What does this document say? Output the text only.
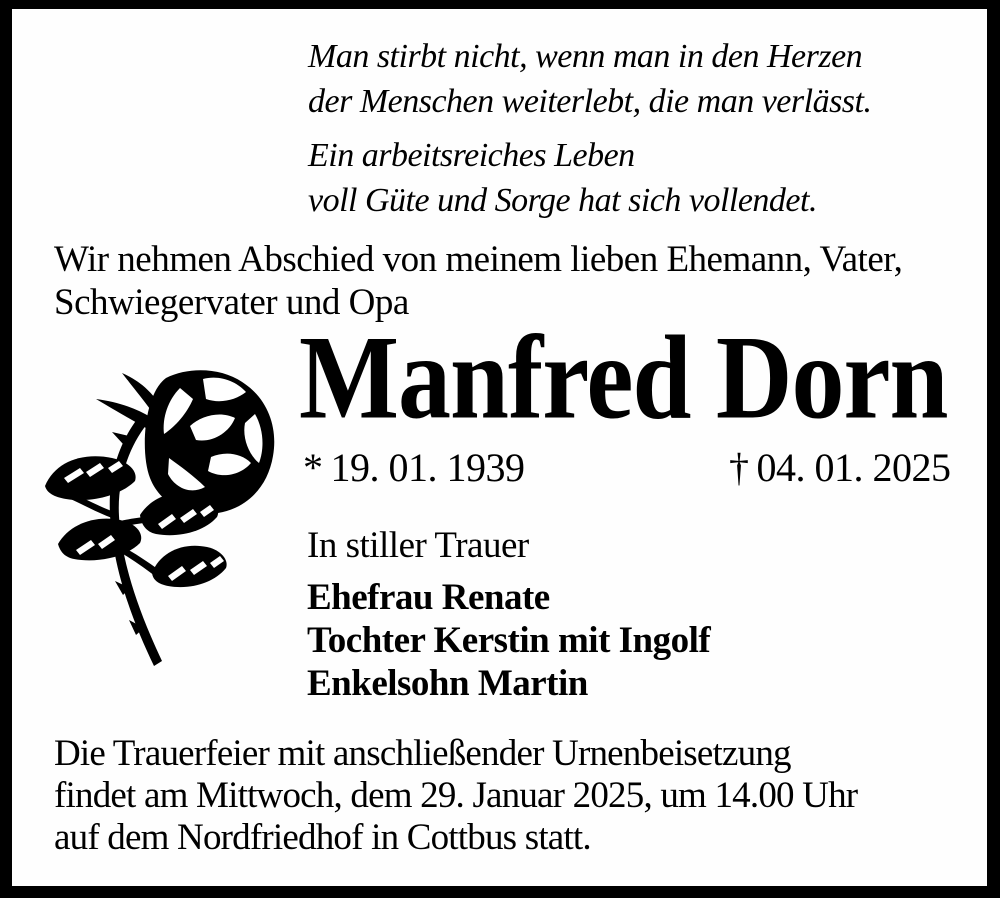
Man stirbt nicht, wenn man in den Herzen

der Menschen weiterlebt, die man verlässt.

Ein arbeitsreiches Leben

voll Güte und Sorge hat sich vollendet.

Wir nehmen Abschied von meinem lieben Ehemann, Vater,

Schwiegervater und Opa

Manfred Dorn
* 19. 01. 1939	† 04. 01. 2025

In stiller Trauer

Ehefrau Renate

Tochter Kerstin mit Ingolf

Enkelsohn Martin

Die Trauerfeier mit anschließender Urnenbeisetzung

findet am Mittwoch, dem 29. Januar 2025, um 14.00 Uhr

auf dem Nordfriedhof in Cottbus statt.
